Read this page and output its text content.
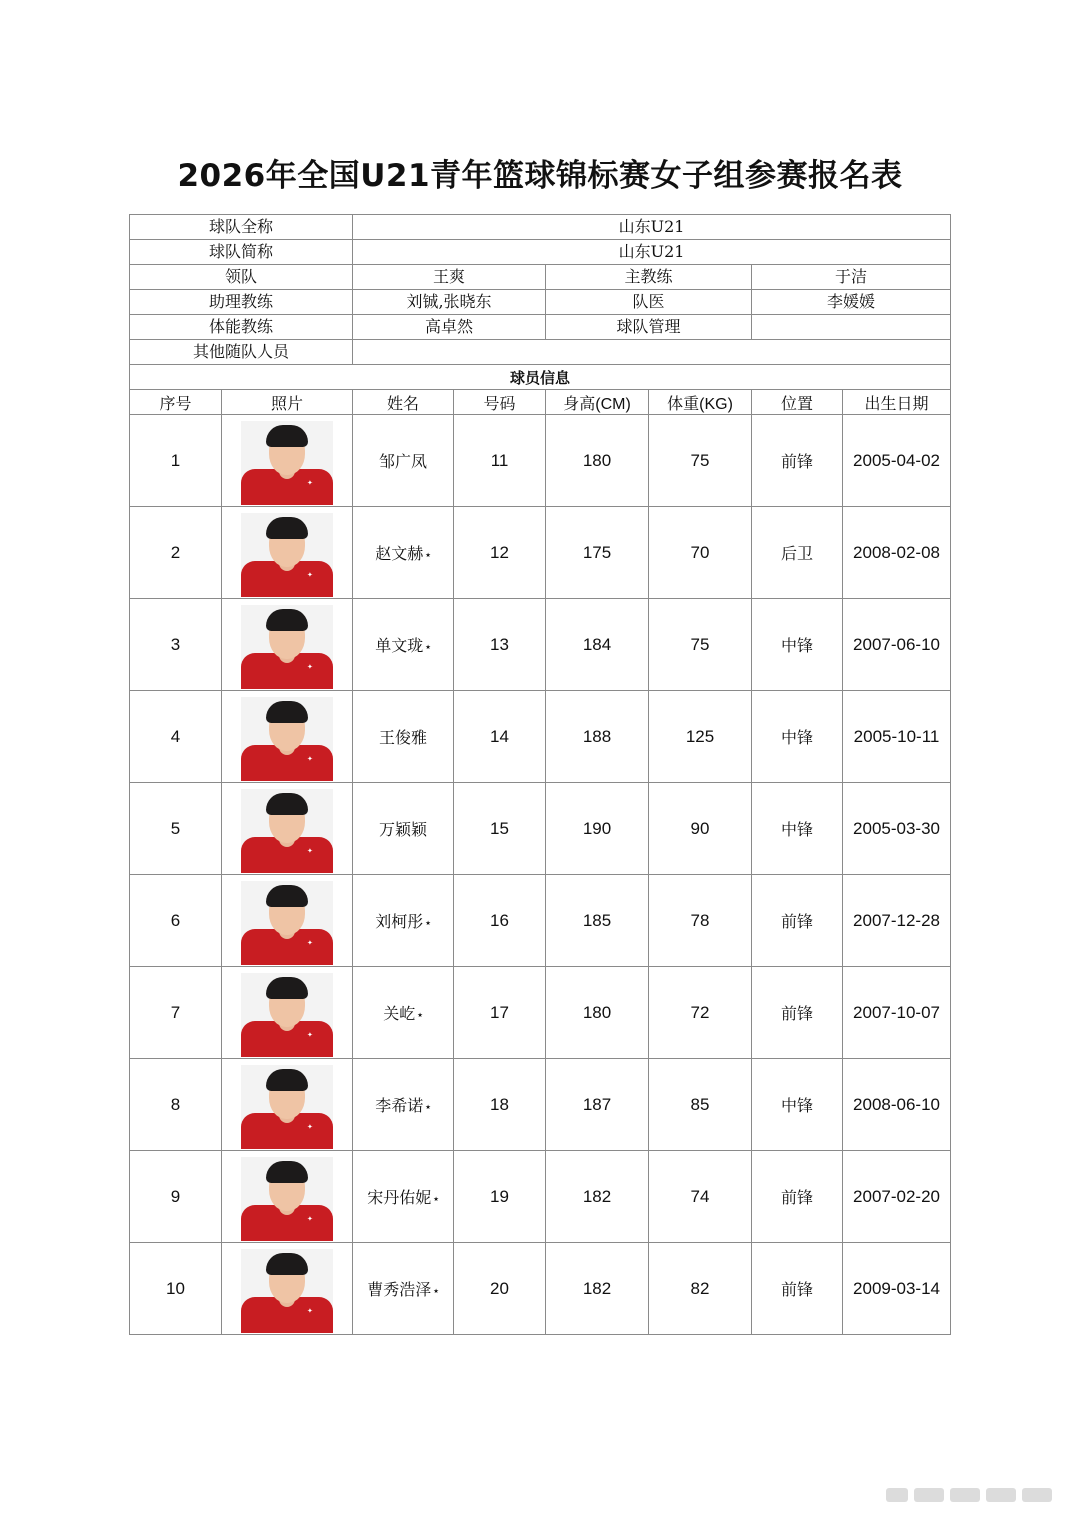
2026年全国U21青年篮球锦标赛女子组参赛报名表
球队全称		山东U21					
球队简称		山东U21					
领队		王爽		主教练		于洁	
助理教练		刘铖,张晓东		队医		李媛媛	
体能教练		高卓然		球队管理			
其他随队人员							
球员信息							
序号	照片	姓名	号码	身高(CM)	体重(KG)	位置	出生日期
1	✦	邹广凤	11	180	75	前锋	2005-04-02
2	✦	赵文赫 ⭑	12	175	70	后卫	2008-02-08
3	✦	单文珑 ⭑	13	184	75	中锋	2007-06-10
4	✦	王俊雅	14	188	125	中锋	2005-10-11
5	✦	万颖颖	15	190	90	中锋	2005-03-30
6	✦	刘柯彤 ⭑	16	185	78	前锋	2007-12-28
7	✦	关屹 ⭑	17	180	72	前锋	2007-10-07
8	✦	李希诺 ⭑	18	187	85	中锋	2008-06-10
9	✦	宋丹佑妮 ⭑	19	182	74	前锋	2007-02-20
10	✦	曹秀浩泽 ⭑	20	182	82	前锋	2009-03-14
